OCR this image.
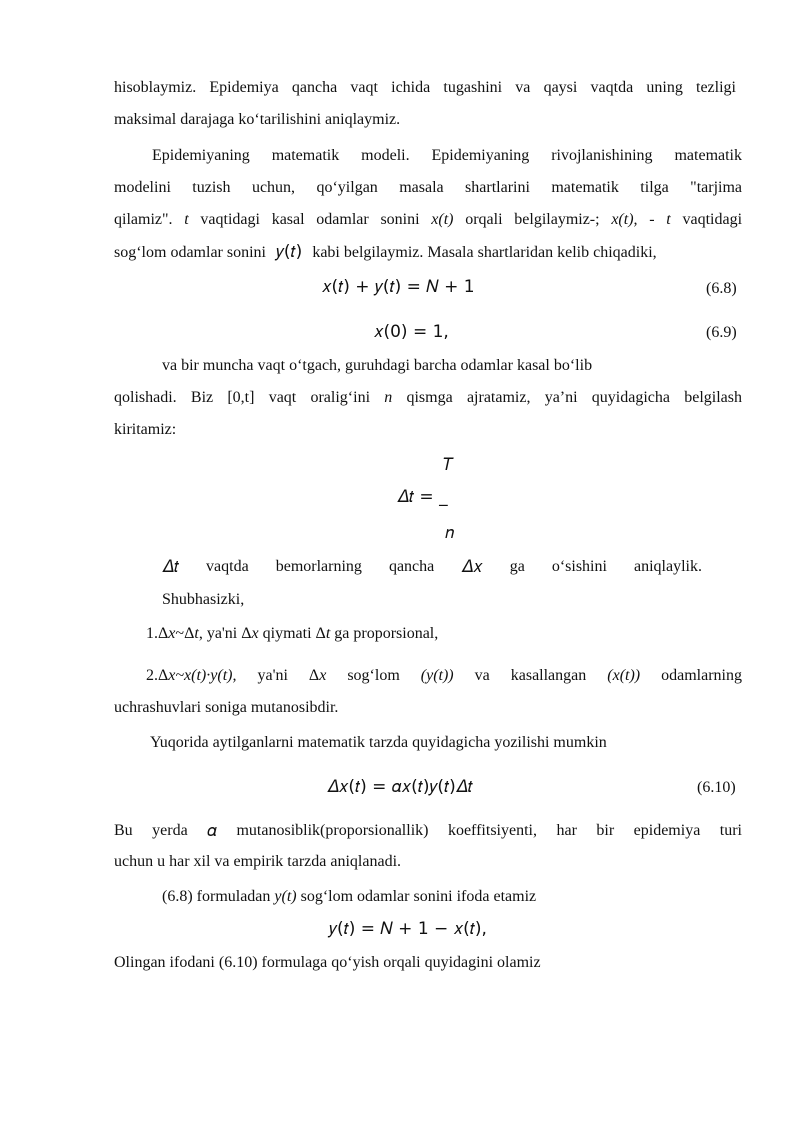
hisoblaymiz. Epidemiya qancha vaqt ichida tugashini va qaysi vaqtda uning tezligi
maksimal darajaga ko‘tarilishini aniqlaymiz.
Epidemiyaning matematik modeli. Epidemiyaning rivojlanishining matematik
modelini tuzish uchun, qo‘yilgan masala shartlarini matematik tilga "tarjima
qilamiz". t vaqtidagi kasal odamlar sonini x(t) orqali belgilaymiz-; x(t), - t vaqtidagi
sog‘lom odamlar sonini 𝑦(𝑡) kabi belgilaymiz. Masala shartlaridan kelib chiqadiki,
𝑥(𝑡) + 𝑦(𝑡) = 𝑁 + 1	(6.8)
𝑥(0) = 1,	(6.9)
va bir muncha vaqt o‘tgach, guruhdagi barcha odamlar kasal bo‘lib
qolishadi. Biz [0,t] vaqt oralig‘ini n qismga ajratamiz, ya’ni quyidagicha belgilash
kiritamiz:
𝑇
𝛥𝑡 = _
𝑛
𝛥𝑡 vaqtda bemorlarning qancha 𝛥𝑥 ga o‘sishini aniqlaylik.
Shubhasizki,
1.Δx~Δt, ya'ni Δx qiymati Δt ga proporsional,
2.Δx~x(t)·y(t), ya'ni Δx sog‘lom (y(t)) va kasallangan (x(t)) odamlarning
uchrashuvlari soniga mutanosibdir.
Yuqorida aytilganlarni matematik tarzda quyidagicha yozilishi mumkin
𝛥𝑥(𝑡) = 𝛼𝑥(𝑡)𝑦(𝑡)𝛥𝑡	(6.10)
Bu yerda 𝛼 mutanosiblik(proporsionallik) koeffitsiyenti, har bir epidemiya turi
uchun u har xil va empirik tarzda aniqlanadi.
(6.8) formuladan y(t) sog‘lom odamlar sonini ifoda etamiz
𝑦(𝑡) = 𝑁 + 1 − 𝑥(𝑡),
Olingan ifodani (6.10) formulaga qo‘yish orqali quyidagini olamiz
